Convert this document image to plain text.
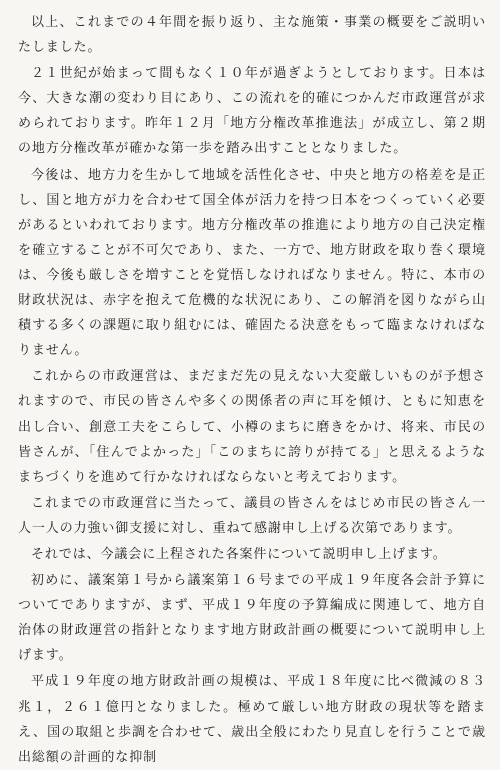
以上、これまでの４年間を振り返り、主な施策・事業の概要をご説明いたしました。

２１世紀が始まって間もなく１０年が過ぎようとしております。日本は今、大きな潮の変わり目にあり、この流れを的確につかんだ市政運営が求められております。昨年１２月「地方分権改革推進法」が成立し、第２期の地方分権改革が確かな第一歩を踏み出すこととなりました。

今後は、地方力を生かして地域を活性化させ、中央と地方の格差を是正し、国と地方が力を合わせて国全体が活力を持つ日本をつくっていく必要があるといわれております。地方分権改革の推進により地方の自己決定権を確立することが不可欠であり、また、一方で、地方財政を取り巻く環境は、今後も厳しさを増すことを覚悟しなければなりません。特に、本市の財政状況は、赤字を抱えて危機的な状況にあり、この解消を図りながら山積する多くの課題に取り組むには、確固たる決意をもって臨まなければなりません。

これからの市政運営は、まだまだ先の見えない大変厳しいものが予想されますので、市民の皆さんや多くの関係者の声に耳を傾け、ともに知恵を出し合い、創意工夫をこらして、小樽のまちに磨きをかけ、将来、市民の皆さんが、「住んでよかった」「このまちに誇りが持てる」と思えるようなまちづくりを進めて行かなければならないと考えております。

これまでの市政運営に当たって、議員の皆さんをはじめ市民の皆さん一人一人の力強い御支援に対し、重ねて感謝申し上げる次第であります。

それでは、今議会に上程された各案件について説明申し上げます。

初めに、議案第１号から議案第１６号までの平成１９年度各会計予算についてでありますが、まず、平成１９年度の予算編成に関連して、地方自治体の財政運営の指針となります地方財政計画の概要について説明申し上げます。

平成１９年度の地方財政計画の規模は、平成１８年度に比べ微減の８３兆１，２６１億円となりました。極めて厳しい地方財政の現状等を踏まえ、国の取組と歩調を合わせて、歳出全般にわたり見直しを行うことで歳出総額の計画的な抑制
